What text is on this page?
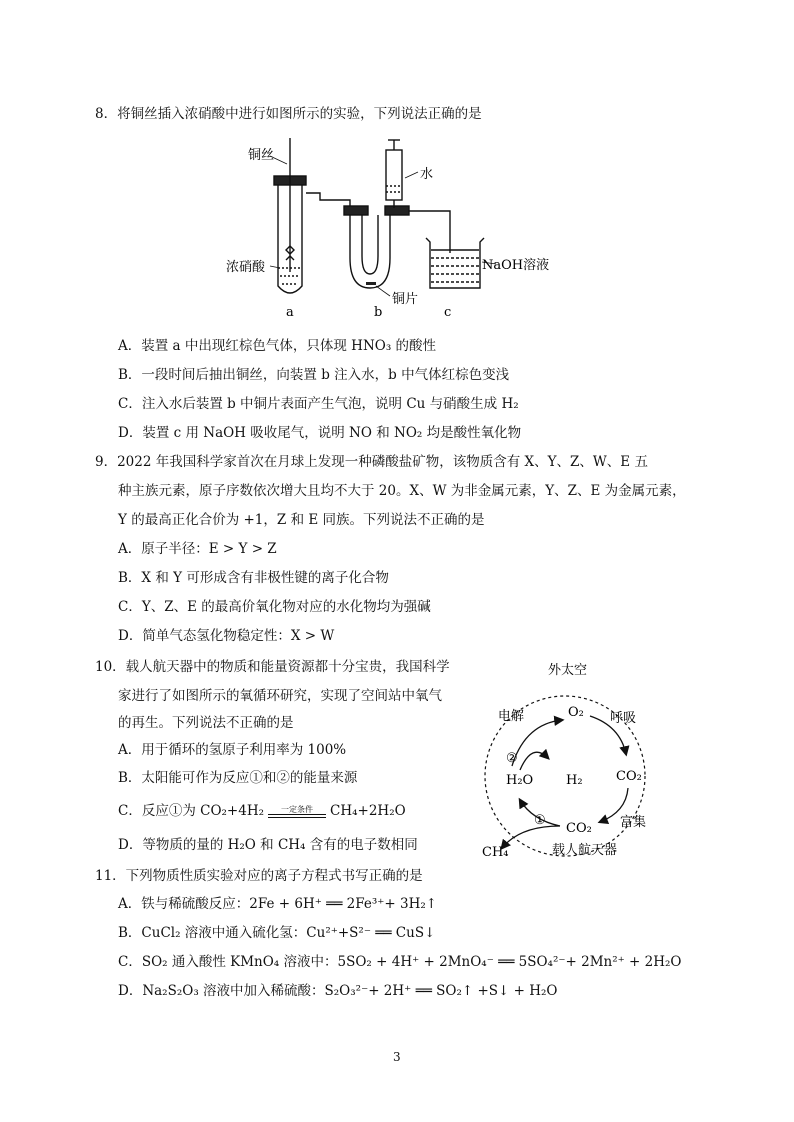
8．将铜丝插入浓硝酸中进行如图所示的实验，下列说法正确的是
铜丝
浓硝酸
水
NaOH溶液
铜片
a	b	c
A．装置 a 中出现红棕色气体，只体现 HNO₃ 的酸性
B．一段时间后抽出铜丝，向装置 b 注入水，b 中气体红棕色变浅
C．注入水后装置 b 中铜片表面产生气泡，说明 Cu 与硝酸生成 H₂
D．装置 c 用 NaOH 吸收尾气，说明 NO 和 NO₂ 均是酸性氧化物
9．2022 年我国科学家首次在月球上发现一种磷酸盐矿物，该物质含有 X、Y、Z、W、E 五
种主族元素，原子序数依次增大且均不大于 20。X、W 为非金属元素，Y、Z、E 为金属元素，
Y 的最高正化合价为 +1，Z 和 E 同族。下列说法不正确的是
A．原子半径：E > Y > Z
B．X 和 Y 可形成含有非极性键的离子化合物
C．Y、Z、E 的最高价氧化物对应的水化物均为强碱
D．简单气态氢化物稳定性：X > W
10．载人航天器中的物质和能量资源都十分宝贵，我国科学
家进行了如图所示的氧循环研究，实现了空间站中氧气
的再生。下列说法不正确的是
A．用于循环的氢原子利用率为 100%
B．太阳能可作为反应①和②的能量来源
C．反应①为 CO₂+4H₂	一定条件	CH₄+2H₂O
D．等物质的量的 H₂O 和 CH₄ 含有的电子数相同
外太空
电解	呼吸
富集
载人航天器
O₂
H₂O	H₂	CO₂
CO₂
CH₄
②
①
11．下列物质性质实验对应的离子方程式书写正确的是
A．铁与稀硫酸反应：2Fe + 6H⁺ ══ 2Fe³⁺+ 3H₂↑
B．CuCl₂ 溶液中通入硫化氢：Cu²⁺+S²⁻ ══ CuS↓
C．SO₂ 通入酸性 KMnO₄ 溶液中：5SO₂ + 4H⁺ + 2MnO₄⁻ ══ 5SO₄²⁻+ 2Mn²⁺ + 2H₂O
D．Na₂S₂O₃ 溶液中加入稀硫酸：S₂O₃²⁻+ 2H⁺ ══ SO₂↑ +S↓ + H₂O
3
